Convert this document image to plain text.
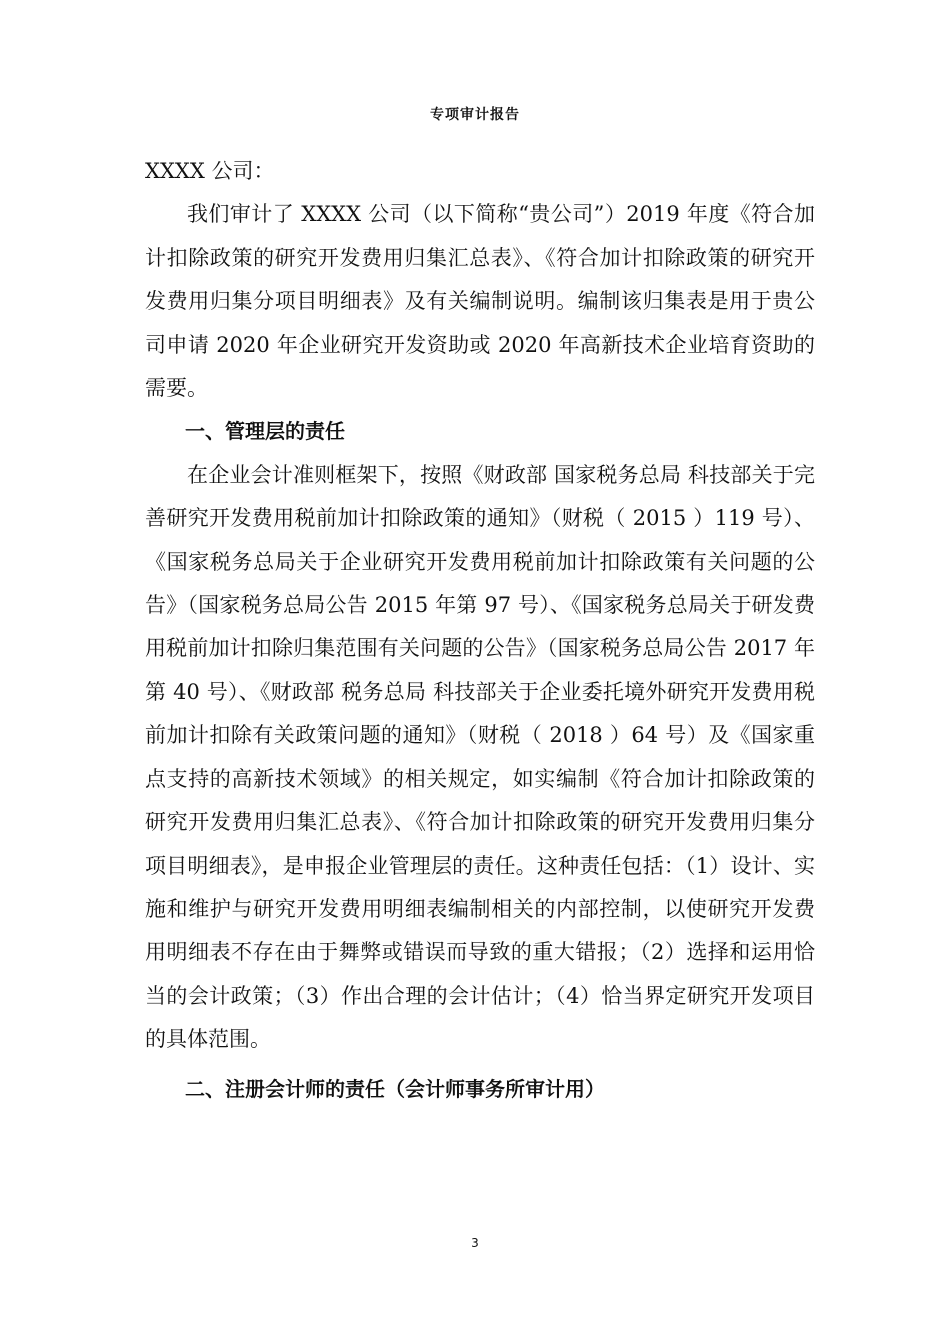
专项审计报告

XXXX 公司：

我们审计了 XXXX 公司（以下简称“贵公司”）2019 年度《符合加计扣除政策的研究开发费用归集汇总表》、《符合加计扣除政策的研究开发费用归集分项目明细表》及有关编制说明。编制该归集表是用于贵公司申请 2020 年企业研究开发资助或 2020 年高新技术企业培育资助的需要。

一、管理层的责任

在企业会计准则框架下，按照《财政部 国家税务总局 科技部关于完善研究开发费用税前加计扣除政策的通知》（财税（ 2015 ）119 号）、《国家税务总局关于企业研究开发费用税前加计扣除政策有关问题的公告》（国家税务总局公告 2015 年第 97 号）、《国家税务总局关于研发费用税前加计扣除归集范围有关问题的公告》（国家税务总局公告 2017 年第 40 号）、《财政部 税务总局 科技部关于企业委托境外研究开发费用税前加计扣除有关政策问题的通知》（财税（ 2018 ）64 号）及《国家重点支持的高新技术领域》的相关规定，如实编制《符合加计扣除政策的研究开发费用归集汇总表》、《符合加计扣除政策的研究开发费用归集分项目明细表》，是申报企业管理层的责任。这种责任包括：（1）设计、实施和维护与研究开发费用明细表编制相关的内部控制，以使研究开发费用明细表不存在由于舞弊或错误而导致的重大错报；（2）选择和运用恰当的会计政策；（3）作出合理的会计估计；（4）恰当界定研究开发项目的具体范围。

二、注册会计师的责任（会计师事务所审计用）

3
